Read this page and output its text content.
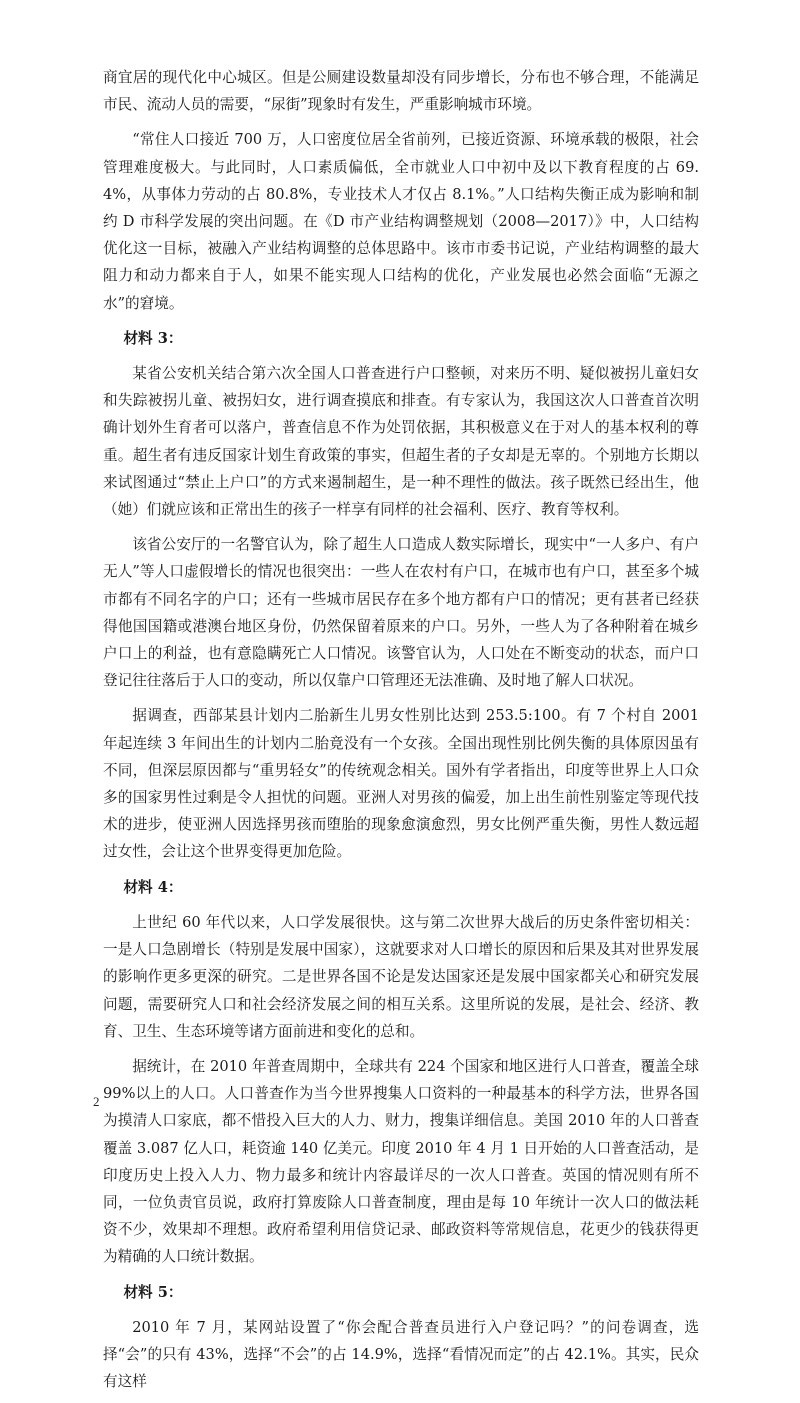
商宜居的现代化中心城区。但是公厕建设数量却没有同步增长，分布也不够合理，不能满足市民、流动人员的需要，“尿街”现象时有发生，严重影响城市环境。

“常住人口接近 700 万，人口密度位居全省前列，已接近资源、环境承载的极限，社会管理难度极大。与此同时，人口素质偏低，全市就业人口中初中及以下教育程度的占 69.4%，从事体力劳动的占 80.8%，专业技术人才仅占 8.1%。”人口结构失衡正成为影响和制约 D 市科学发展的突出问题。在《D 市产业结构调整规划（2008—2017）》中，人口结构优化这一目标，被融入产业结构调整的总体思路中。该市市委书记说，产业结构调整的最大阻力和动力都来自于人，如果不能实现人口结构的优化，产业发展也必然会面临“无源之水”的窘境。

材料 3：

某省公安机关结合第六次全国人口普查进行户口整顿，对来历不明、疑似被拐儿童妇女和失踪被拐儿童、被拐妇女，进行调查摸底和排查。有专家认为，我国这次人口普查首次明确计划外生育者可以落户，普查信息不作为处罚依据，其积极意义在于对人的基本权利的尊重。超生者有违反国家计划生育政策的事实，但超生者的子女却是无辜的。个别地方长期以来试图通过“禁止上户口”的方式来遏制超生，是一种不理性的做法。孩子既然已经出生，他（她）们就应该和正常出生的孩子一样享有同样的社会福利、医疗、教育等权利。

该省公安厅的一名警官认为，除了超生人口造成人数实际增长，现实中“一人多户、有户无人”等人口虚假增长的情况也很突出：一些人在农村有户口，在城市也有户口，甚至多个城市都有不同名字的户口；还有一些城市居民存在多个地方都有户口的情况；更有甚者已经获得他国国籍或港澳台地区身份，仍然保留着原来的户口。另外，一些人为了各种附着在城乡户口上的利益，也有意隐瞒死亡人口情况。该警官认为，人口处在不断变动的状态，而户口登记往往落后于人口的变动，所以仅靠户口管理还无法准确、及时地了解人口状况。

据调查，西部某县计划内二胎新生儿男女性别比达到 253.5:100。有 7 个村自 2001 年起连续 3 年间出生的计划内二胎竟没有一个女孩。全国出现性别比例失衡的具体原因虽有不同，但深层原因都与“重男轻女”的传统观念相关。国外有学者指出，印度等世界上人口众多的国家男性过剩是令人担忧的问题。亚洲人对男孩的偏爱，加上出生前性别鉴定等现代技术的进步，使亚洲人因选择男孩而堕胎的现象愈演愈烈，男女比例严重失衡，男性人数远超过女性，会让这个世界变得更加危险。

材料 4：

上世纪 60 年代以来，人口学发展很快。这与第二次世界大战后的历史条件密切相关：一是人口急剧增长（特别是发展中国家），这就要求对人口增长的原因和后果及其对世界发展的影响作更多更深的研究。二是世界各国不论是发达国家还是发展中国家都关心和研究发展问题，需要研究人口和社会经济发展之间的相互关系。这里所说的发展，是社会、经济、教育、卫生、生态环境等诸方面前进和变化的总和。

据统计，在 2010 年普查周期中，全球共有 224 个国家和地区进行人口普查，覆盖全球 99%以上的人口。人口普查作为当今世界搜集人口资料的一种最基本的科学方法，世界各国为摸清人口家底，都不惜投入巨大的人力、财力，搜集详细信息。美国 2010 年的人口普查覆盖 3.087 亿人口，耗资逾 140 亿美元。印度 2010 年 4 月 1 日开始的人口普查活动，是印度历史上投入人力、物力最多和统计内容最详尽的一次人口普查。英国的情况则有所不同，一位负责官员说，政府打算废除人口普查制度，理由是每 10 年统计一次人口的做法耗资不少，效果却不理想。政府希望利用信贷记录、邮政资料等常规信息，花更少的钱获得更为精确的人口统计数据。

材料 5：

2010 年 7 月，某网站设置了“你会配合普查员进行入户登记吗？”的问卷调查，选择“会”的只有 43%，选择“不会”的占 14.9%，选择“看情况而定”的占 42.1%。其实，民众有这样

2
